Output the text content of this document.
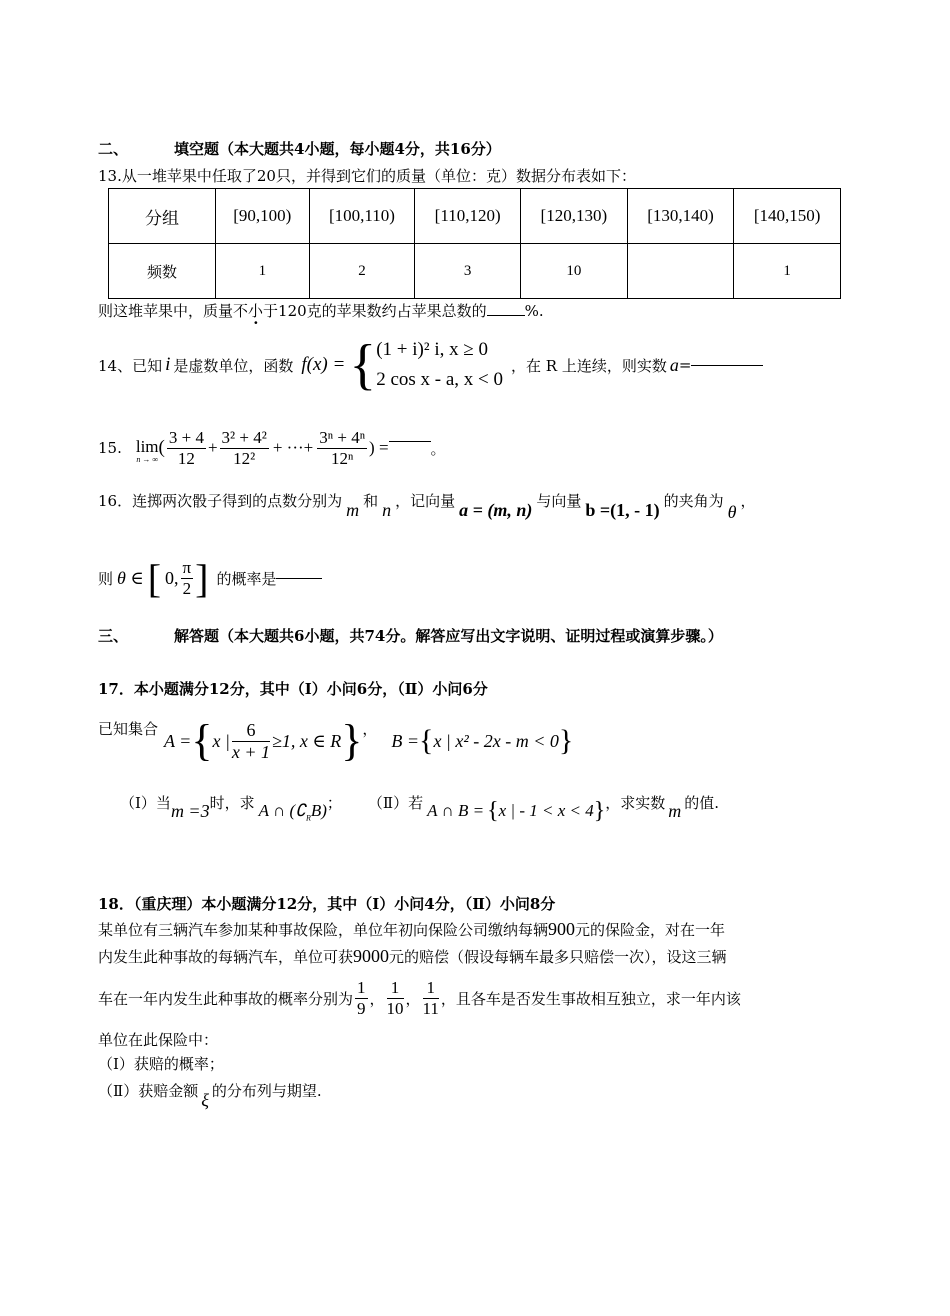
二、	填空题（本大题共4小题，每小题4分，共16分）
13.从一堆苹果中任取了20只，并得到它们的质量（单位：克）数据分布表如下：
分组	[90,100)	[100,110)	[110,120)	[120,130)	[130,140)	[140,150)
频数	1	2	3	10		1
则这堆苹果中，质量不小于120克的苹果数约占苹果总数的	%.
14、已知 i 是虚数单位，函数 f(x) = { (1 + i)² i, x ≥ 0
2 cos x - a, x < 0
，在 R 上连续，则实数 a =
15. lim
n → ∞
( $\frac{3 + 4}{12} + \frac{\text{3² + 4²}}{\text{12²}}$ + ···+ $\frac{\text{3ⁿ + 4ⁿ}}{\text{12ⁿ}}$ ) =	。
16．连掷两次骰子得到的点数分别为 m 和 n ，记向量 a = (m, n) 与向量 b =(1, - 1) 的夹角为θ，
则 θ ∈ [ 0, $\frac{\pi}{2}$ ] 的概率是
三、	解答题（本大题共6小题，共74分。解答应写出文字说明、证明过程或演算步骤。）
17．本小题满分12分，其中（Ⅰ）小问6分，（Ⅱ）小问6分
已知集合
A = { x | $\frac{6}{x + 1} \ge 1$, x ∈ R } ，
B = { x | x² - 2x - m < 0 }
（Ⅰ）当m =3时，求 A ∩ $(∁_RB)$； （Ⅱ）若 A ∩ B = {x | - 1 < x < 4}，求实数 m 的值.
18．（重庆理）本小题满分12分，其中（Ⅰ）小问4分，（Ⅱ）小问8分
某单位有三辆汽车参加某种事故保险，单位年初向保险公司缴纳每辆900元的保险金，对在一年
内发生此种事故的每辆汽车，单位可获9000元的赔偿（假设每辆车最多只赔偿一次），设这三辆
车在一年内发生此种事故的概率分别为 $\frac{1}{9}$ ， $\frac{1}{10}$ ， $\frac{1}{11}$ ，且各车是否发生事故相互独立，求一年内该
单位在此保险中：
（Ⅰ）获赔的概率；
（Ⅱ）获赔金额 ξ 的分布列与期望.
